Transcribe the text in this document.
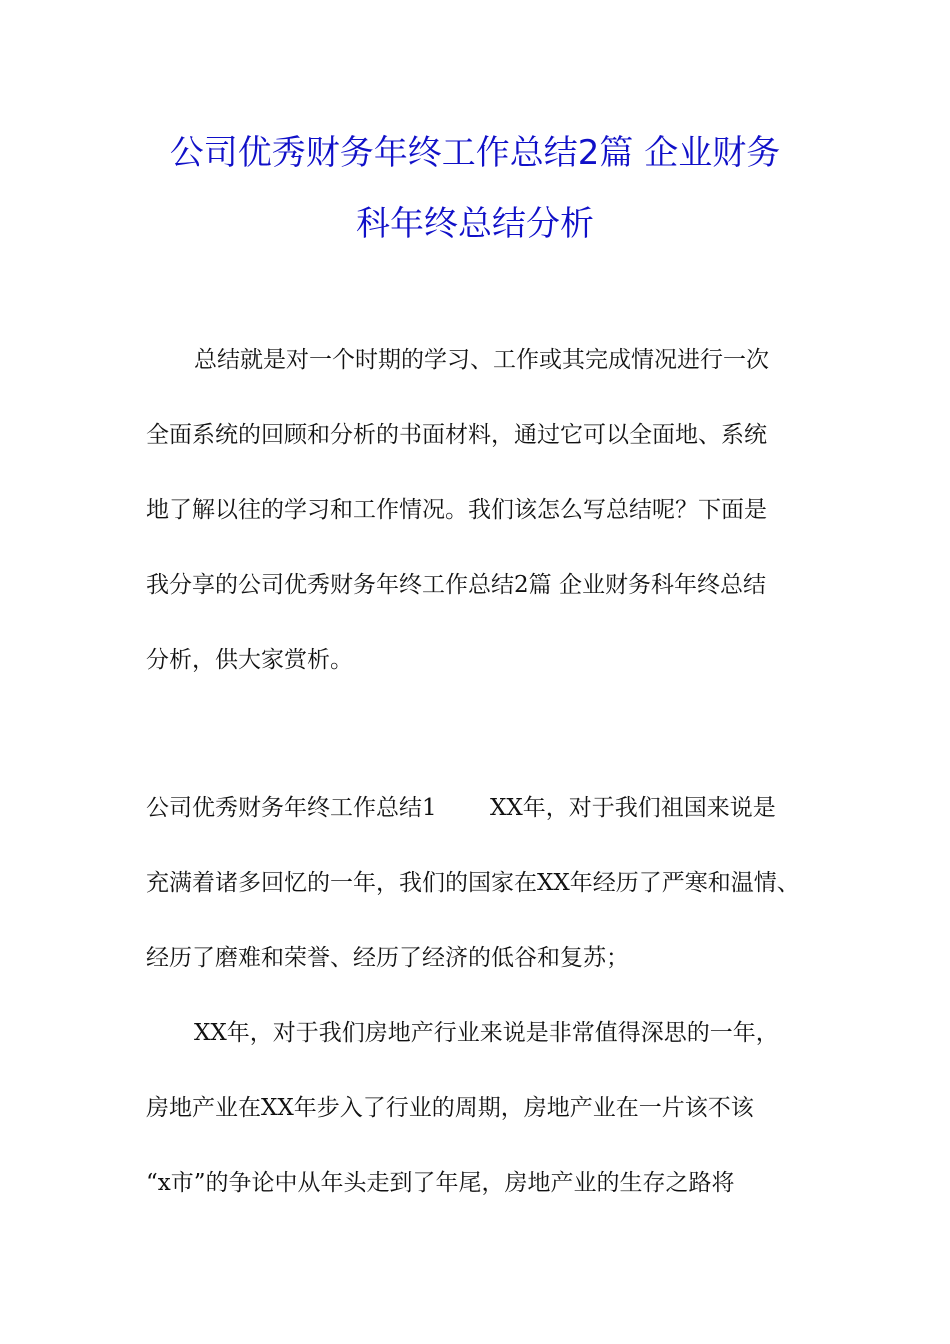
公司优秀财务年终工作总结2篇 企业财务
科年终总结分析
总结就是对一个时期的学习、工作或其完成情况进行一次
全面系统的回顾和分析的书面材料，通过它可以全面地、系统
地了解以往的学习和工作情况。我们该怎么写总结呢？下面是
我分享的公司优秀财务年终工作总结2篇 企业财务科年终总结
分析，供大家赏析。
公司优秀财务年终工作总结1　　 XX年，对于我们祖国来说是
充满着诸多回忆的一年，我们的国家在XX年经历了严寒和温情、
经历了磨难和荣誉、经历了经济的低谷和复苏；
XX年，对于我们房地产行业来说是非常值得深思的一年，
房地产业在XX年步入了行业的周期，房地产业在一片该不该
“x市”的争论中从年头走到了年尾，房地产业的生存之路将
